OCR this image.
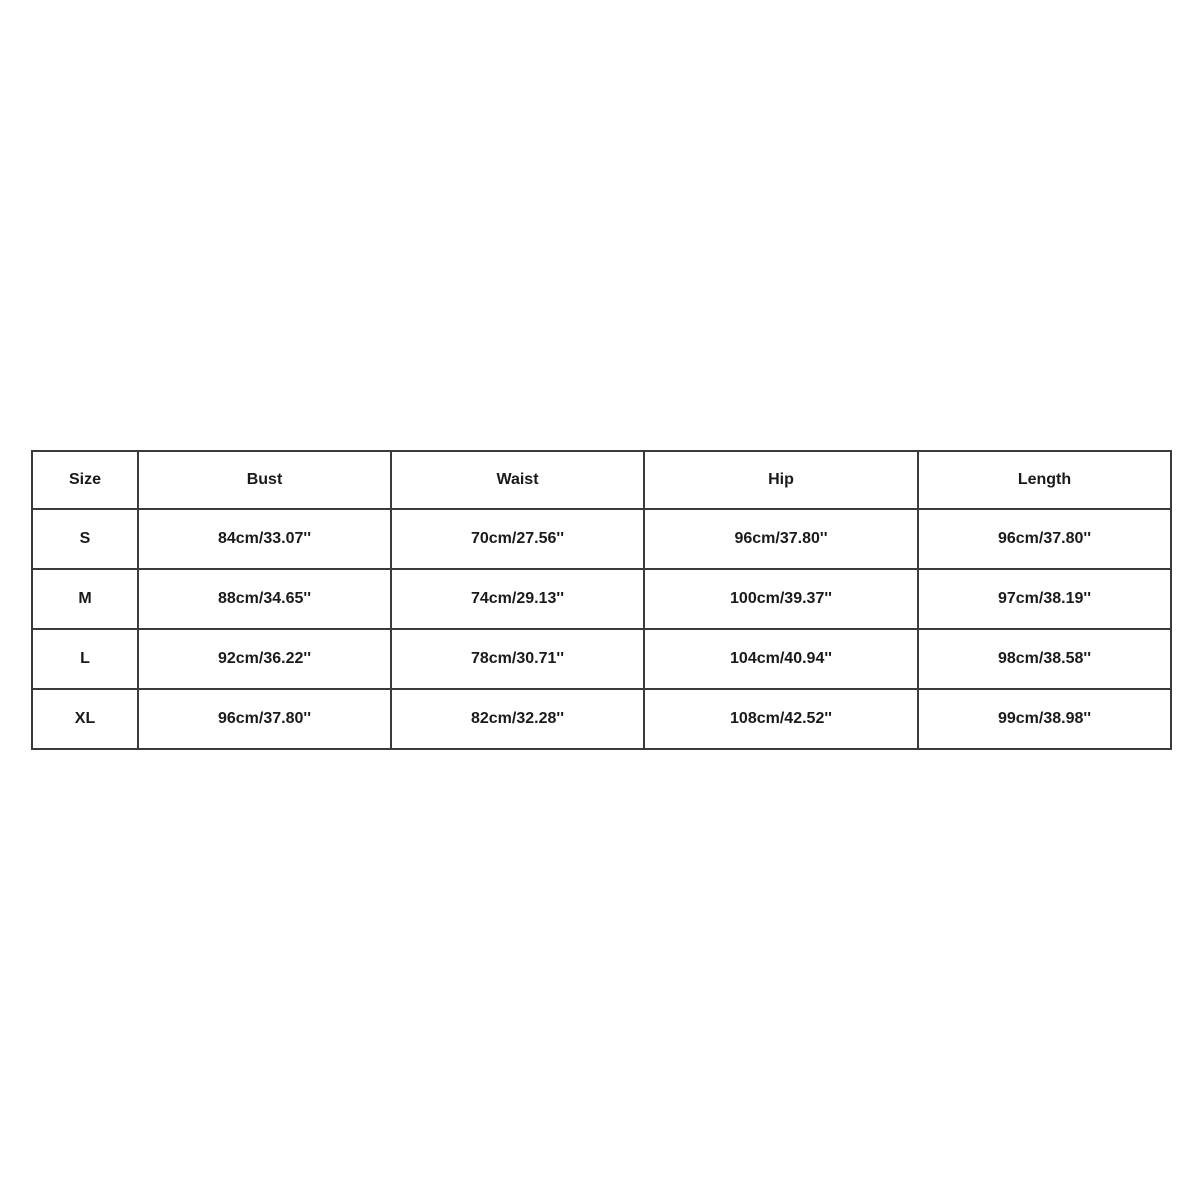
Size	Bust	Waist	Hip	Length
S	84cm/33.07''	70cm/27.56''	96cm/37.80''	96cm/37.80''
M	88cm/34.65''	74cm/29.13''	100cm/39.37''	97cm/38.19''
L	92cm/36.22''	78cm/30.71''	104cm/40.94''	98cm/38.58''
XL	96cm/37.80''	82cm/32.28''	108cm/42.52''	99cm/38.98''
